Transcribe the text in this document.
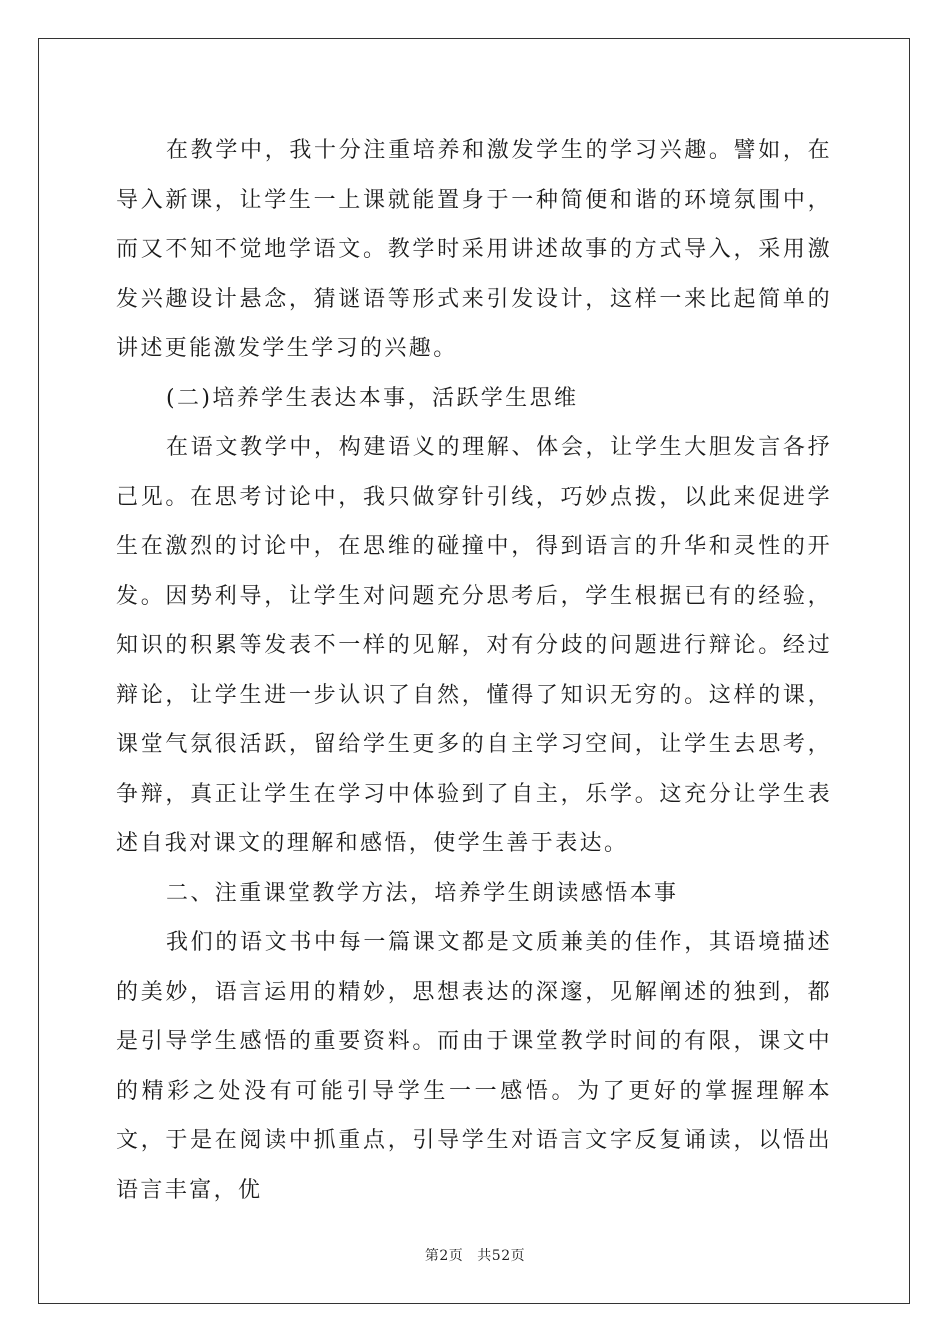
在教学中，我十分注重培养和激发学生的学习兴趣。譬如，在导入新课，让学生一上课就能置身于一种简便和谐的环境氛围中，而又不知不觉地学语文。教学时采用讲述故事的方式导入，采用激发兴趣设计悬念，猜谜语等形式来引发设计，这样一来比起简单的讲述更能激发学生学习的兴趣。

(二)培养学生表达本事，活跃学生思维

在语文教学中，构建语义的理解、体会，让学生大胆发言各抒己见。在思考讨论中，我只做穿针引线，巧妙点拨，以此来促进学生在激烈的讨论中，在思维的碰撞中，得到语言的升华和灵性的开发。因势利导，让学生对问题充分思考后，学生根据已有的经验，知识的积累等发表不一样的见解，对有分歧的问题进行辩论。经过辩论，让学生进一步认识了自然，懂得了知识无穷的。这样的课，课堂气氛很活跃，留给学生更多的自主学习空间，让学生去思考，争辩，真正让学生在学习中体验到了自主，乐学。这充分让学生表述自我对课文的理解和感悟，使学生善于表达。

二、注重课堂教学方法，培养学生朗读感悟本事

我们的语文书中每一篇课文都是文质兼美的佳作，其语境描述的美妙，语言运用的精妙，思想表达的深邃，见解阐述的独到，都是引导学生感悟的重要资料。而由于课堂教学时间的有限，课文中的精彩之处没有可能引导学生一一感悟。为了更好的掌握理解本文，于是在阅读中抓重点，引导学生对语言文字反复诵读，以悟出语言丰富，优

第2页 共52页
